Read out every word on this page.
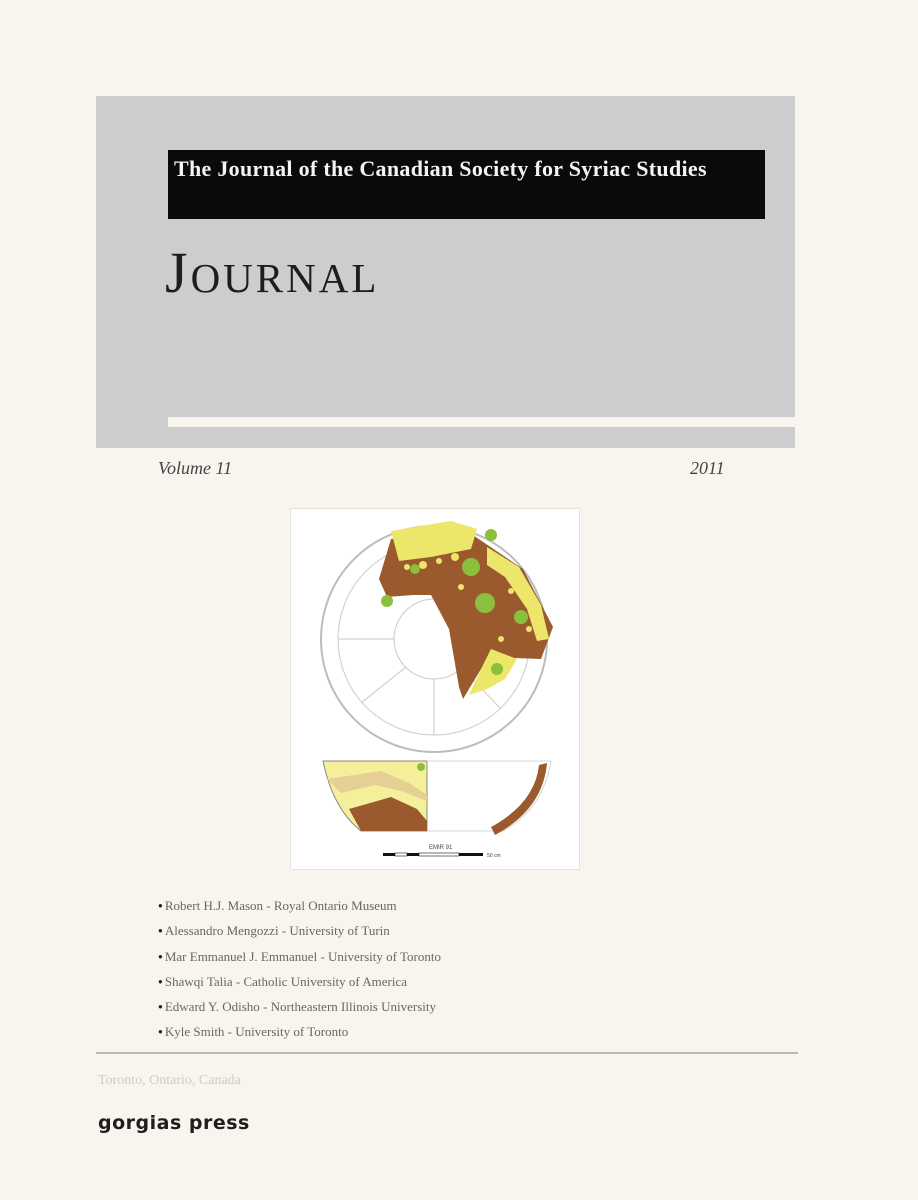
The Journal of the Canadian Society for Syriac Studies
Journal
Volume 11	2011
EMIR 91
50 cm
● Robert H.J. Mason - Royal Ontario Museum
● Alessandro Mengozzi - University of Turin
● Mar Emmanuel J. Emmanuel - University of Toronto
● Shawqi Talia - Catholic University of America
● Edward Y. Odisho - Northeastern Illinois University
● Kyle Smith - University of Toronto
Toronto, Ontario, Canada
gorgias press
